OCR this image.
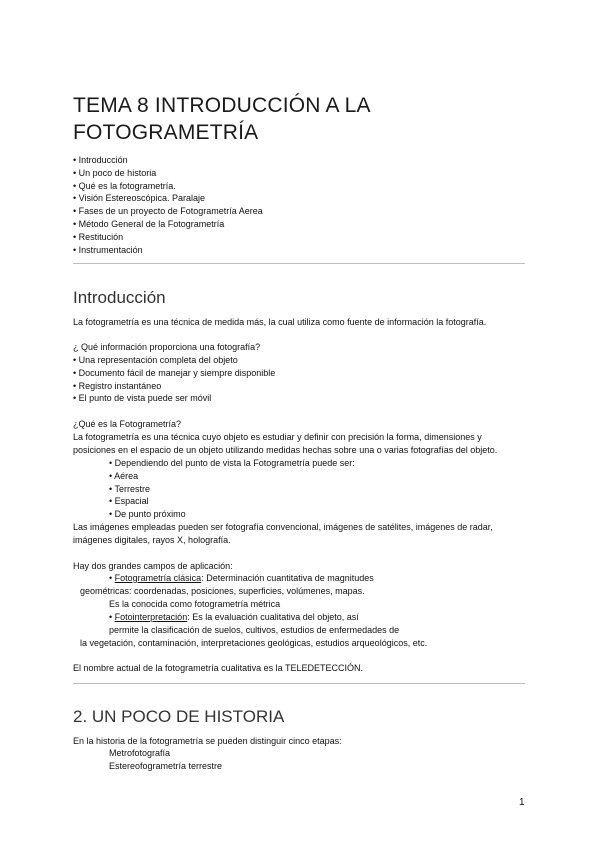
TEMA 8 INTRODUCCIÓN A LA
FOTOGRAMETRÍA
• Introducción
• Un poco de historia
• Qué es la fotogrametría.
• Visión Estereoscópica. Paralaje
• Fases de un proyecto de Fotogrametría Aerea
• Método General de la Fotogrametría
• Restitución
• Instrumentación
Introducción
La fotogrametría es una técnica de medida más, la cual utiliza como fuente de información la fotografía.
¿ Qué información proporciona una fotografía?
• Una representación completa del objeto
• Documento fácil de manejar y siempre disponible
• Registro instantáneo
• El punto de vista puede ser móvil
¿Qué es la Fotogrametría?
La fotogrametría es una técnica cuyo objeto es estudiar y definir con precisión la forma, dimensiones y
posiciones en el espacio de un objeto utilizando medidas hechas sobre una o varias fotografías del objeto.
• Dependiendo del punto de vista la Fotogrametría puede ser:
• Aérea
• Terrestre
• Espacial
• De punto próximo
Las imágenes empleadas pueden ser fotografía convencional, imágenes de satélites, imágenes de radar,
imágenes digitales, rayos X, holografía.
Hay dos grandes campos de aplicación:
• Fotogrametría clásica: Determinación cuantitativa de magnitudes
geométricas: coordenadas, posiciones, superficies, volúmenes, mapas.
Es la conocida como fotogrametría métrica
• Fotointerpretación: Es la evaluación cualitativa del objeto, así
permite la clasificación de suelos, cultivos, estudios de enfermedades de
la vegetación, contaminación, interpretaciones geológicas, estudios arqueológicos, etc.
El nombre actual de la fotogrametría cualitativa es la TELEDETECCIÓN.
2. UN POCO DE HISTORIA
En la historia de la fotogrametría se pueden distinguir cinco etapas:
Metrofotografía
Estereofogrametría terrestre
1
